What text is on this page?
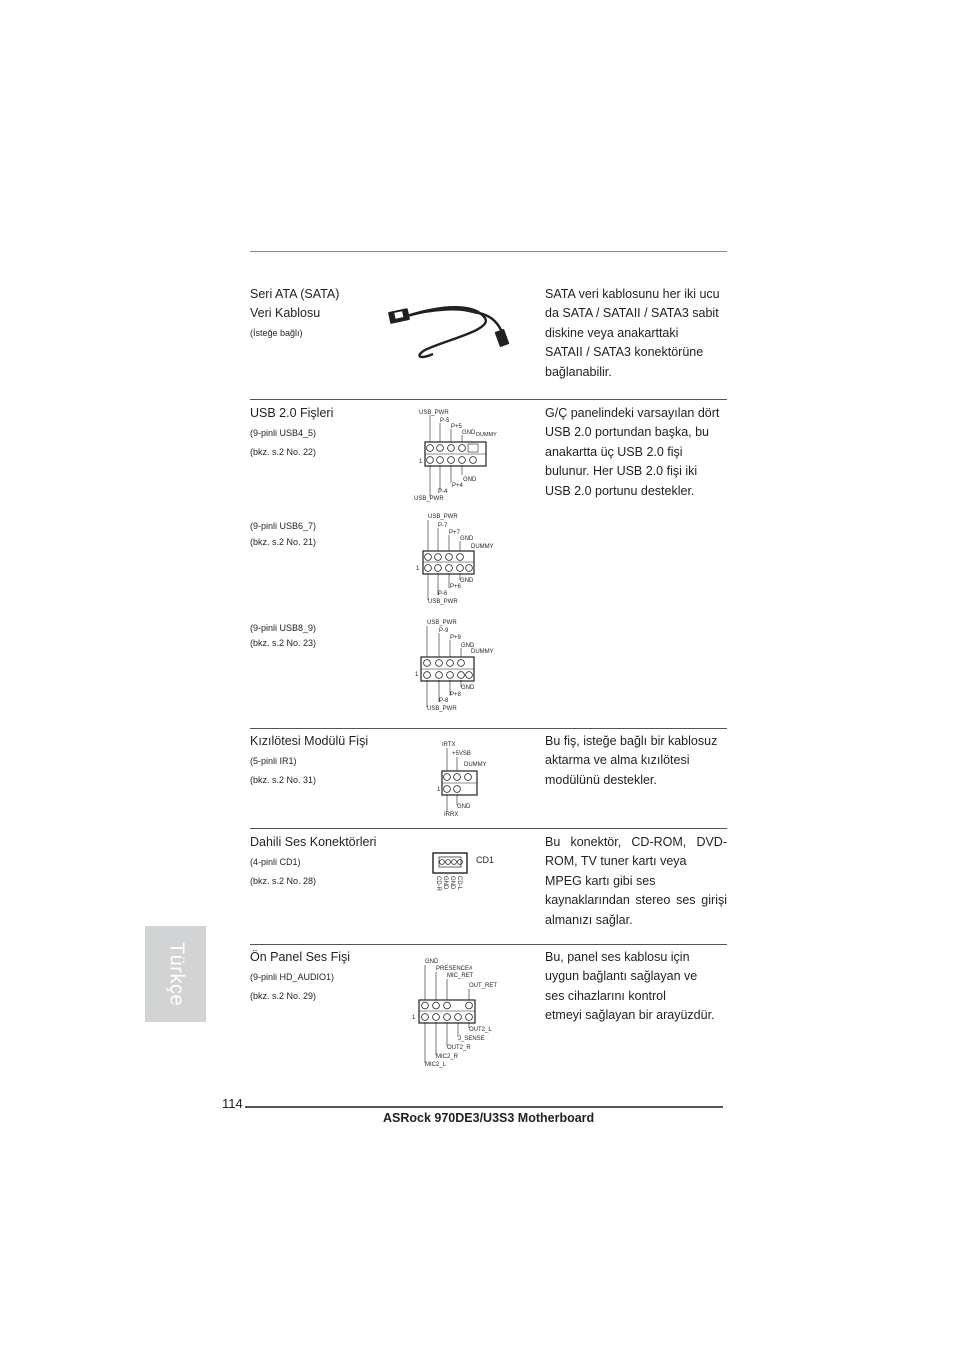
Seri ATA (SATA)
Veri Kablosu
(İsteğe bağlı)
SATA veri kablosunu her iki ucu
da SATA / SATAII / SATA3 sabit
diskine veya anakarttaki
SATAII / SATA3 konektörüne
bağlanabilir.
USB 2.0 Fişleri	G/Ç panelindeki varsayılan dört
USB 2.0 portundan başka, bu
anakartta üç USB 2.0 fişi
bulunur. Her USB 2.0 fişi iki
USB 2.0 portunu destekler.
(9-pinli USB4_5)
(bkz. s.2 No. 22)
USB_PWR
P-5
P+5
GND DUMMY
1
GND
P+4
P-4
USB_PWR
(9-pinli USB6_7)
(bkz. s.2 No. 21)
USB_PWR
P-7
P+7
GND
DUMMY
1
GND
P+6
P-6
USB_PWR
(9-pinli USB8_9)
(bkz. s.2 No. 23)
USB_PWR
P-9
P+9
GND
DUMMY
1
GND
P+8
P-8
USB_PWR
Kızılötesi Modülü Fişi
(5-pinli IR1)
(bkz. s.2 No. 31)
IRTX
+5VSB
DUMMY
1
GND
IRRX
Bu fiş, isteğe bağlı bir kablosuz
aktarma ve alma kızılötesi
modülünü destekler.
Dahili Ses Konektörleri
(4-pinli CD1)
(bkz. s.2 No. 28)
CD1
CD-R GND GND CD-L
Bu konektör, CD-ROM, DVD-
ROM, TV tuner kartı veya
MPEG kartı gibi ses
kaynaklarından stereo ses girişi
almanızı sağlar.
Ön Panel Ses Fişi
(9-pinli HD_AUDIO1)
(bkz. s.2 No. 29)
GND
PRESENCE#
MIC_RET
OUT_RET
1
OUT2_L
J_SENSE
OUT2_R
MIC2_R
MIC2_L
Bu, panel ses kablosu için
uygun bağlantı sağlayan ve
ses cihazlarını kontrol
etmeyi sağlayan bir arayüzdür.
Türkçe
114
ASRock 970DE3/U3S3 Motherboard
